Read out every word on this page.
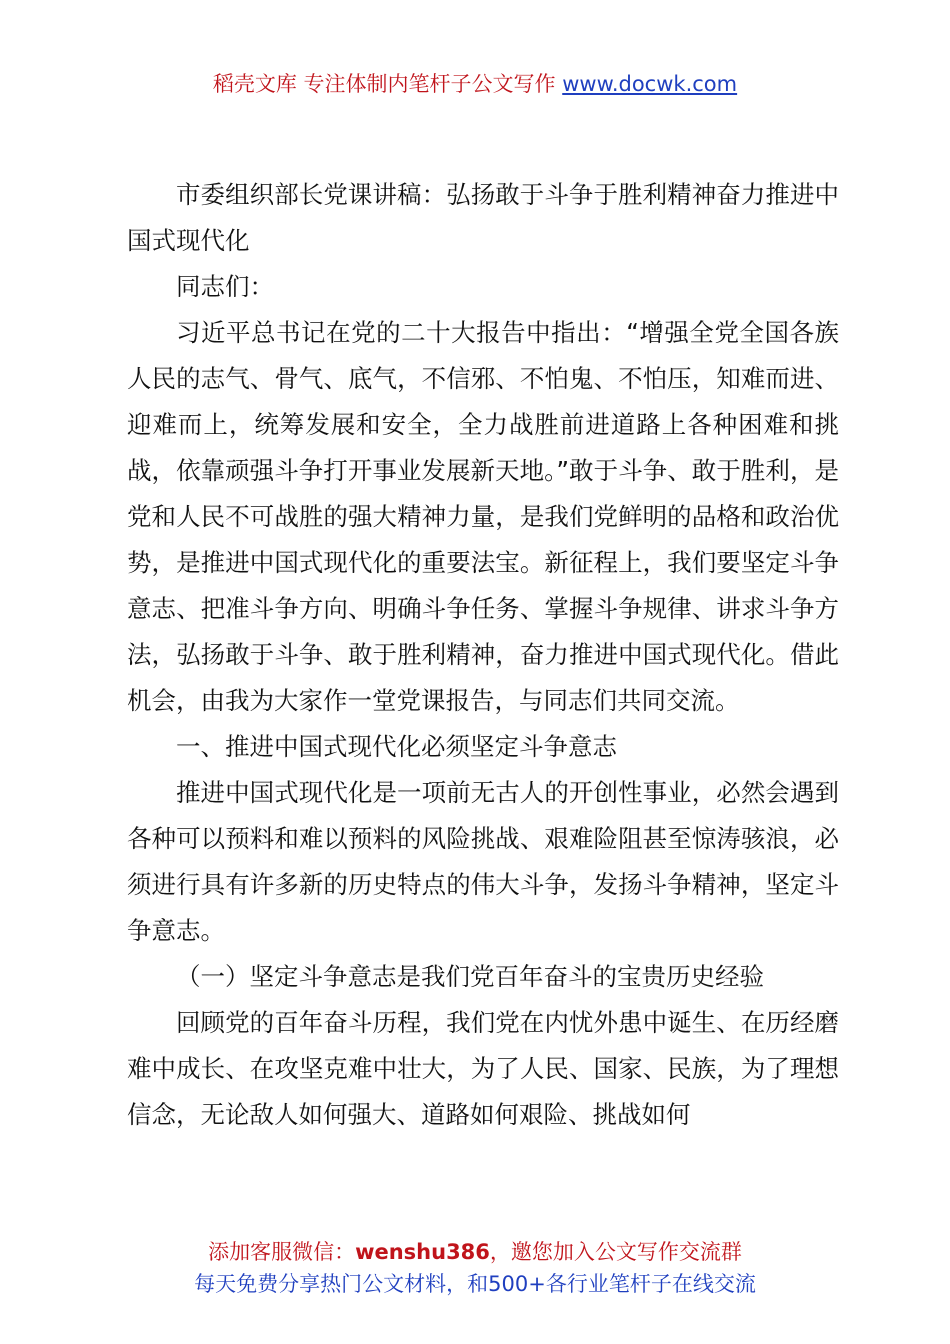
稻壳文库 专注体制内笔杆子公文写作 www.docwk.com

市委组织部长党课讲稿：弘扬敢于斗争于胜利精神奋力推进中国式现代化

同志们：

习近平总书记在党的二十大报告中指出：“增强全党全国各族人民的志气、骨气、底气，不信邪、不怕鬼、不怕压，知难而进、迎难而上，统筹发展和安全，全力战胜前进道路上各种困难和挑战，依靠顽强斗争打开事业发展新天地。”敢于斗争、敢于胜利，是党和人民不可战胜的强大精神力量，是我们党鲜明的品格和政治优势，是推进中国式现代化的重要法宝。新征程上，我们要坚定斗争意志、把准斗争方向、明确斗争任务、掌握斗争规律、讲求斗争方法，弘扬敢于斗争、敢于胜利精神，奋力推进中国式现代化。借此机会，由我为大家作一堂党课报告，与同志们共同交流。

一、推进中国式现代化必须坚定斗争意志

推进中国式现代化是一项前无古人的开创性事业，必然会遇到各种可以预料和难以预料的风险挑战、艰难险阻甚至惊涛骇浪，必须进行具有许多新的历史特点的伟大斗争，发扬斗争精神，坚定斗争意志。

（一）坚定斗争意志是我们党百年奋斗的宝贵历史经验

回顾党的百年奋斗历程，我们党在内忧外患中诞生、在历经磨难中成长、在攻坚克难中壮大，为了人民、国家、民族，为了理想信念，无论敌人如何强大、道路如何艰险、挑战如何

添加客服微信：wenshu386，邀您加入公文写作交流群
每天免费分享热门公文材料，和500+各行业笔杆子在线交流
